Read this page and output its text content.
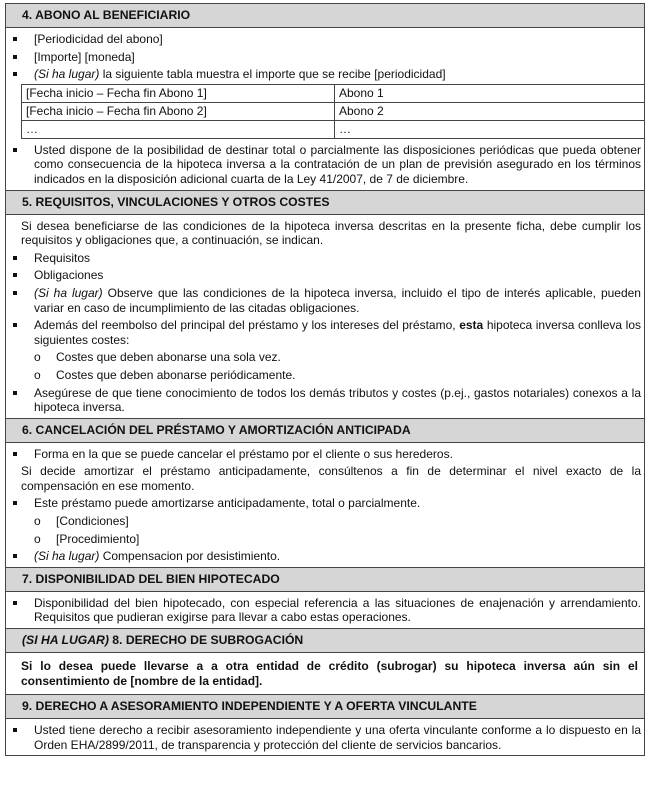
4. ABONO AL BENEFICIARIO
[Periodicidad del abono]
[Importe] [moneda]
(Si ha lugar) la siguiente tabla muestra el importe que se recibe [periodicidad]
[Fecha inicio – Fecha fin Abono 1]	Abono 1
[Fecha inicio – Fecha fin Abono 2]	Abono 2
…	…
Usted dispone de la posibilidad de destinar total o parcialmente las disposiciones periódicas que pueda obtener como consecuencia de la hipoteca inversa a la contratación de un plan de previsión asegurado en los términos indicados en la disposición adicional cuarta de la Ley 41/2007, de 7 de diciembre.
5. REQUISITOS, VINCULACIONES Y OTROS COSTES
Si desea beneficiarse de las condiciones de la hipoteca inversa descritas en la presente ficha, debe cumplir los requisitos y obligaciones que, a continuación, se indican.
Requisitos
Obligaciones
(Si ha lugar) Observe que las condiciones de la hipoteca inversa, incluido el tipo de interés aplicable, pueden variar en caso de incumplimiento de las citadas obligaciones.
Además del reembolso del principal del préstamo y los intereses del préstamo, esta hipoteca inversa conlleva los siguientes costes:
o Costes que deben abonarse una sola vez.
o Costes que deben abonarse periódicamente.
Asegúrese de que tiene conocimiento de todos los demás tributos y costes (p.ej., gastos notariales) conexos a la hipoteca inversa.
6. CANCELACIÓN DEL PRÉSTAMO Y AMORTIZACIÓN ANTICIPADA
Forma en la que se puede cancelar el préstamo por el cliente o sus herederos.
Si decide amortizar el préstamo anticipadamente, consúltenos a fin de determinar el nivel exacto de la compensación en ese momento.
Este préstamo puede amortizarse anticipadamente, total o parcialmente.
o [Condiciones]
o [Procedimiento]
(Si ha lugar) Compensacion por desistimiento.
7. DISPONIBILIDAD DEL BIEN HIPOTECADO
Disponibilidad del bien hipotecado, con especial referencia a las situaciones de enajenación y arrendamiento. Requisitos que pudieran exigirse para llevar a cabo estas operaciones.
(SI HA LUGAR) 8. DERECHO DE SUBROGACIÓN
Si lo desea puede llevarse a a otra entidad de crédito (subrogar) su hipoteca inversa aún sin el consentimiento de [nombre de la entidad].
9. DERECHO A ASESORAMIENTO INDEPENDIENTE Y A OFERTA VINCULANTE
Usted tiene derecho a recibir asesoramiento independiente y una oferta vinculante conforme a lo dispuesto en la Orden EHA/2899/2011, de transparencia y protección del cliente de servicios bancarios.
